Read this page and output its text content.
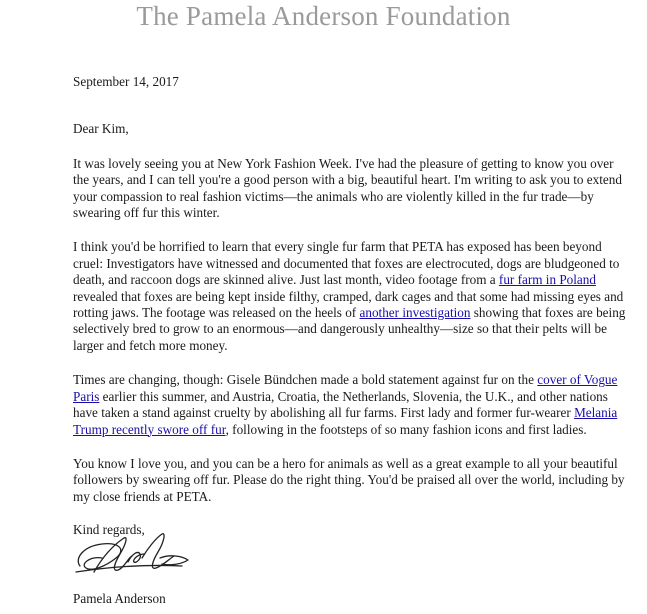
The Pamela Anderson Foundation

September 14, 2017

Dear Kim,

It was lovely seeing you at New York Fashion Week. I've had the pleasure of getting to know you over the years, and I can tell you're a good person with a big, beautiful heart. I'm writing to ask you to extend your compassion to real fashion victims—the animals who are violently killed in the fur trade—by swearing off fur this winter.

I think you'd be horrified to learn that every single fur farm that PETA has exposed has been beyond cruel: Investigators have witnessed and documented that foxes are electrocuted, dogs are bludgeoned to death, and raccoon dogs are skinned alive. Just last month, video footage from a fur farm in Poland revealed that foxes are being kept inside filthy, cramped, dark cages and that some had missing eyes and rotting jaws. The footage was released on the heels of another investigation showing that foxes are being selectively bred to grow to an enormous—and dangerously unhealthy—size so that their pelts will be larger and fetch more money.

Times are changing, though: Gisele Bündchen made a bold statement against fur on the cover of Vogue Paris earlier this summer, and Austria, Croatia, the Netherlands, Slovenia, the U.K., and other nations have taken a stand against cruelty by abolishing all fur farms. First lady and former fur-wearer Melania Trump recently swore off fur, following in the footsteps of so many fashion icons and first ladies.

You know I love you, and you can be a hero for animals as well as a great example to all your beautiful followers by swearing off fur. Please do the right thing. You'd be praised all over the world, including by my close friends at PETA.

Kind regards,

Pamela Anderson
